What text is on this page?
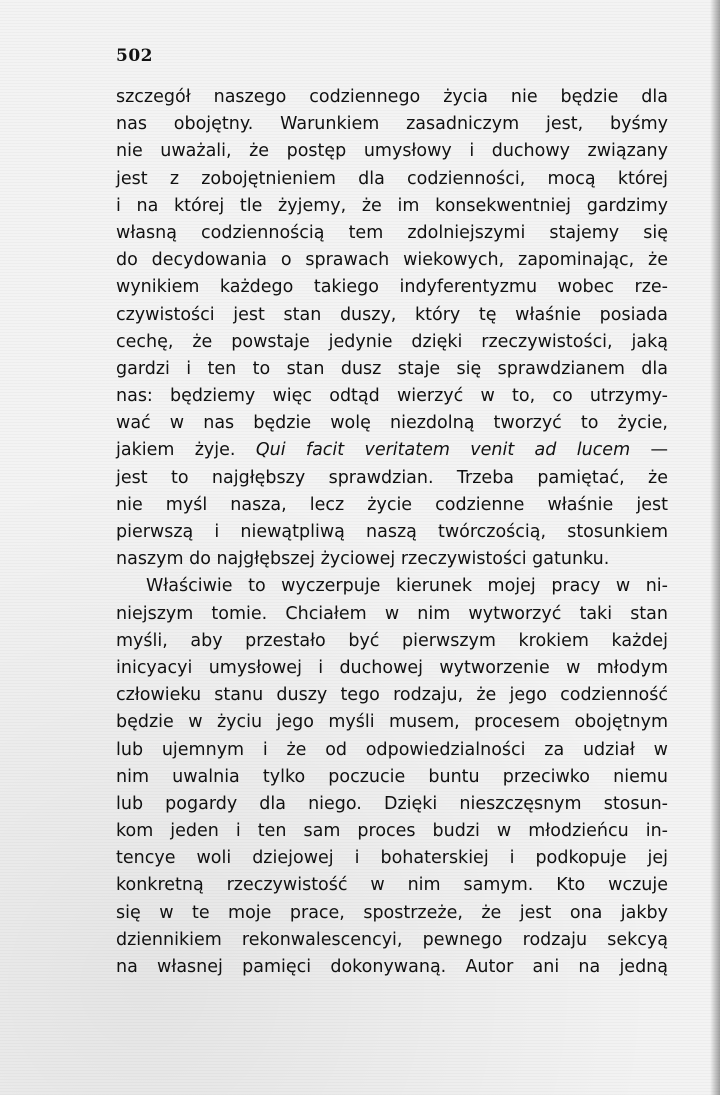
502
szczegół naszego codziennego życia nie będzie dla
nas obojętny. Warunkiem zasadniczym jest, byśmy
nie uważali, że postęp umysłowy i duchowy związany
jest z zobojętnieniem dla codzienności, mocą której
i na której tle żyjemy, że im konsekwentniej gardzimy
własną codziennością tem zdolniejszymi stajemy się
do decydowania o sprawach wiekowych, zapominając, że
wynikiem każdego takiego indyferentyzmu wobec rze-
czywistości jest stan duszy, który tę właśnie posiada
cechę, że powstaje jedynie dzięki rzeczywistości, jaką
gardzi i ten to stan dusz staje się sprawdzianem dla
nas: będziemy więc odtąd wierzyć w to, co utrzymy-
wać w nas będzie wolę niezdolną tworzyć to życie,
jakiem żyje. Qui facit veritatem venit ad lucem —
jest to najgłębszy sprawdzian. Trzeba pamiętać, że
nie myśl nasza, lecz życie codzienne właśnie jest
pierwszą i niewątpliwą naszą twórczością, stosunkiem
naszym do najgłębszej życiowej rzeczywistości gatunku.
Właściwie to wyczerpuje kierunek mojej pracy w ni-
niejszym tomie. Chciałem w nim wytworzyć taki stan
myśli, aby przestało być pierwszym krokiem każdej
inicyacyi umysłowej i duchowej wytworzenie w młodym
człowieku stanu duszy tego rodzaju, że jego codzienność
będzie w życiu jego myśli musem, procesem obojętnym
lub ujemnym i że od odpowiedzialności za udział w
nim uwalnia tylko poczucie buntu przeciwko niemu
lub pogardy dla niego. Dzięki nieszczęsnym stosun-
kom jeden i ten sam proces budzi w młodzieńcu in-
tencye woli dziejowej i bohaterskiej i podkopuje jej
konkretną rzeczywistość w nim samym. Kto wczuje
się w te moje prace, spostrzeże, że jest ona jakby
dziennikiem rekonwalescencyi, pewnego rodzaju sekcyą
na własnej pamięci dokonywaną. Autor ani na jedną
